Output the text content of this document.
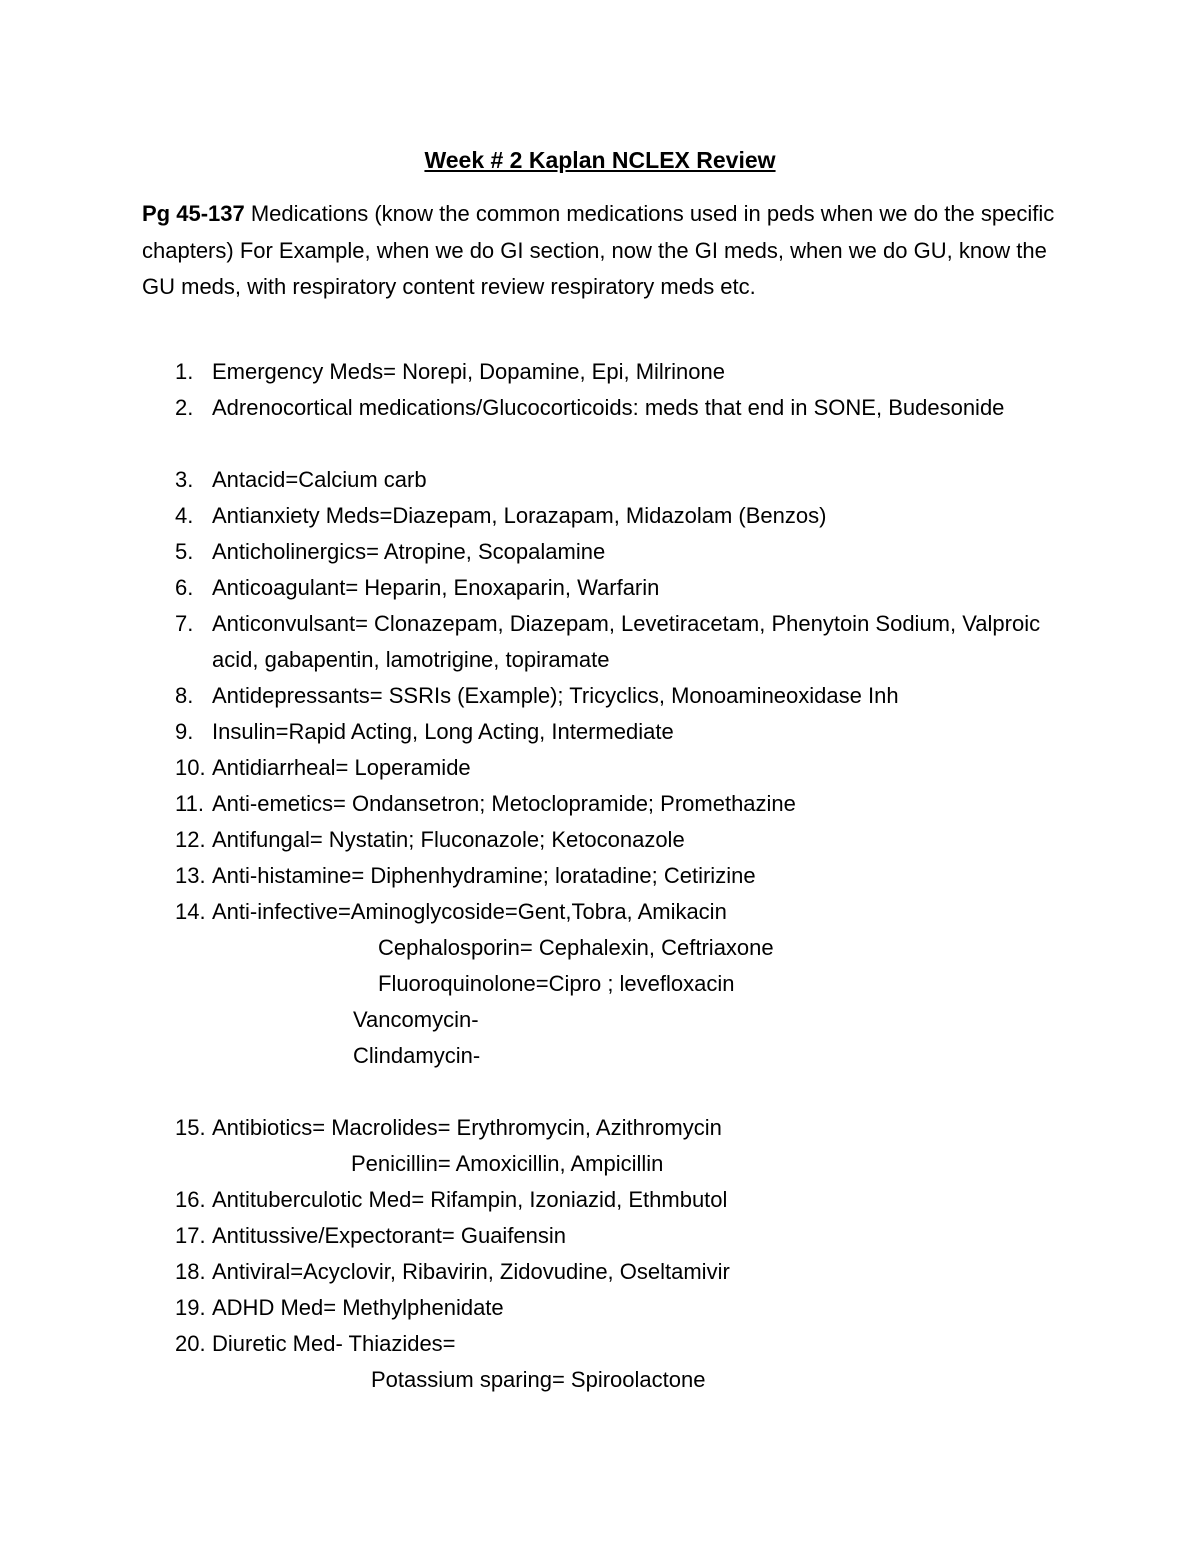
Week # 2 Kaplan NCLEX Review
Pg 45-137 Medications (know the common medications used in peds when we do the specific chapters) For Example, when we do GI section, now the GI meds, when we do GU, know the GU meds, with respiratory content review respiratory meds etc.
1. Emergency Meds= Norepi, Dopamine, Epi, Milrinone
2. Adrenocortical medications/Glucocorticoids: meds that end in SONE, Budesonide
3. Antacid=Calcium carb
4. Antianxiety Meds=Diazepam, Lorazapam, Midazolam (Benzos)
5. Anticholinergics= Atropine, Scopalamine
6. Anticoagulant= Heparin, Enoxaparin, Warfarin
7. Anticonvulsant= Clonazepam, Diazepam, Levetiracetam, Phenytoin Sodium, Valproic acid, gabapentin, lamotrigine, topiramate
8. Antidepressants= SSRIs (Example); Tricyclics, Monoamineoxidase Inh
9. Insulin=Rapid Acting, Long Acting, Intermediate
10. Antidiarrheal= Loperamide
11. Anti-emetics= Ondansetron; Metoclopramide; Promethazine
12. Antifungal= Nystatin; Fluconazole; Ketoconazole
13. Anti-histamine= Diphenhydramine; loratadine; Cetirizine
14. Anti-infective=Aminoglycoside=Gent,Tobra, Amikacin
Cephalosporin= Cephalexin, Ceftriaxone
Fluoroquinolone=Cipro ; levefloxacin
Vancomycin-
Clindamycin-
15. Antibiotics= Macrolides= Erythromycin, Azithromycin
Penicillin= Amoxicillin, Ampicillin
16. Antituberculotic Med= Rifampin, Izoniazid, Ethmbutol
17. Antitussive/Expectorant= Guaifensin
18. Antiviral=Acyclovir, Ribavirin, Zidovudine, Oseltamivir
19. ADHD Med= Methylphenidate
20. Diuretic Med- Thiazides=
Potassium sparing= Spiroolactone
